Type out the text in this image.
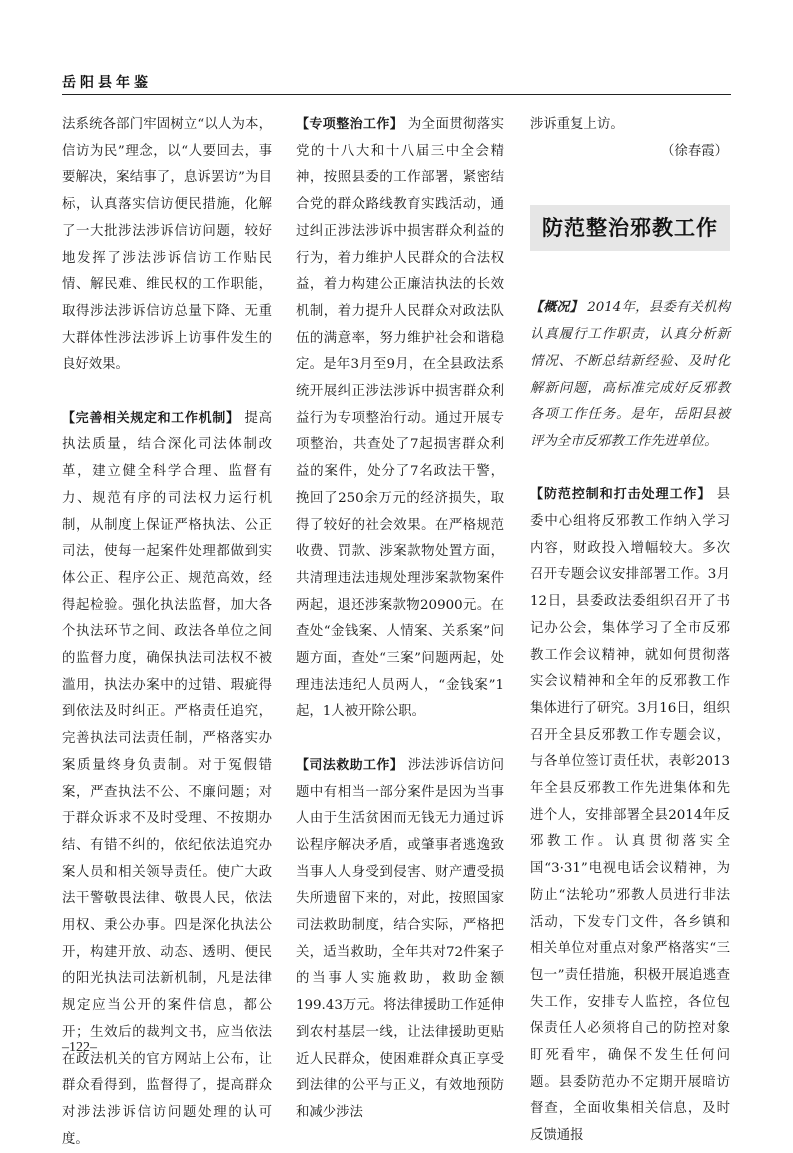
岳阳县年鉴

法系统各部门牢固树立“以人为本，信访为民”理念，以“人要回去，事要解决，案结事了，息诉罢访”为目标，认真落实信访便民措施，化解了一大批涉法涉诉信访问题，较好地发挥了涉法涉诉信访工作贴民情、解民难、维民权的工作职能，取得涉法涉诉信访总量下降、无重大群体性涉法涉诉上访事件发生的良好效果。

【完善相关规定和工作机制】 提高执法质量，结合深化司法体制改革，建立健全科学合理、监督有力、规范有序的司法权力运行机制，从制度上保证严格执法、公正司法，使每一起案件处理都做到实体公正、程序公正、规范高效，经得起检验。强化执法监督，加大各个执法环节之间、政法各单位之间的监督力度，确保执法司法权不被滥用，执法办案中的过错、瑕疵得到依法及时纠正。严格责任追究，完善执法司法责任制，严格落实办案质量终身负责制。对于冤假错案，严查执法不公、不廉问题；对于群众诉求不及时受理、不按期办结、有错不纠的，依纪依法追究办案人员和相关领导责任。使广大政法干警敬畏法律、敬畏人民，依法用权、秉公办事。四是深化执法公开，构建开放、动态、透明、便民的阳光执法司法新机制，凡是法律规定应当公开的案件信息，都公开；生效后的裁判文书，应当依法在政法机关的官方网站上公布，让群众看得到，监督得了，提高群众对涉法涉诉信访问题处理的认可度。

【专项整治工作】 为全面贯彻落实党的十八大和十八届三中全会精神，按照县委的工作部署，紧密结合党的群众路线教育实践活动，通过纠正涉法涉诉中损害群众利益的行为，着力维护人民群众的合法权益，着力构建公正廉洁执法的长效机制，着力提升人民群众对政法队伍的满意率，努力维护社会和谐稳定。是年3月至9月，在全县政法系统开展纠正涉法涉诉中损害群众利益行为专项整治行动。通过开展专项整治，共查处了7起损害群众利益的案件，处分了7名政法干警，挽回了250余万元的经济损失，取得了较好的社会效果。在严格规范收费、罚款、涉案款物处置方面，共清理违法违规处理涉案款物案件两起，退还涉案款物20900元。在查处“金钱案、人情案、关系案”问题方面，查处“三案”问题两起，处理违法违纪人员两人，“金钱案”1起，1人被开除公职。

【司法救助工作】 涉法涉诉信访问题中有相当一部分案件是因为当事人由于生活贫困而无钱无力通过诉讼程序解决矛盾，或肇事者逃逸致当事人人身受到侵害、财产遭受损失所遗留下来的，对此，按照国家司法救助制度，结合实际，严格把关，适当救助，全年共对72件案子的当事人实施救助，救助金额199.43万元。将法律援助工作延伸到农村基层一线，让法律援助更贴近人民群众，使困难群众真正享受到法律的公平与正义，有效地预防和减少涉法

涉诉重复上访。

（徐春霞）

防范整治邪教工作

【概况】 2014年，县委有关机构认真履行工作职责，认真分析新情况、不断总结新经验、及时化解新问题，高标准完成好反邪教各项工作任务。是年，岳阳县被评为全市反邪教工作先进单位。

【防范控制和打击处理工作】 县委中心组将反邪教工作纳入学习内容，财政投入增幅较大。多次召开专题会议安排部署工作。3月12日，县委政法委组织召开了书记办公会，集体学习了全市反邪教工作会议精神，就如何贯彻落实会议精神和全年的反邪教工作集体进行了研究。3月16日，组织召开全县反邪教工作专题会议，与各单位签订责任状，表彰2013年全县反邪教工作先进集体和先进个人，安排部署全县2014年反邪教工作。认真贯彻落实全国“3·31”电视电话会议精神，为防止“法轮功”邪教人员进行非法活动，下发专门文件，各乡镇和相关单位对重点对象严格落实“三包一”责任措施，积极开展追逃查失工作，安排专人监控，各位包保责任人必须将自己的防控对象盯死看牢，确保不发生任何问题。县委防范办不定期开展暗访督查，全面收集相关信息，及时反馈通报

–122–
